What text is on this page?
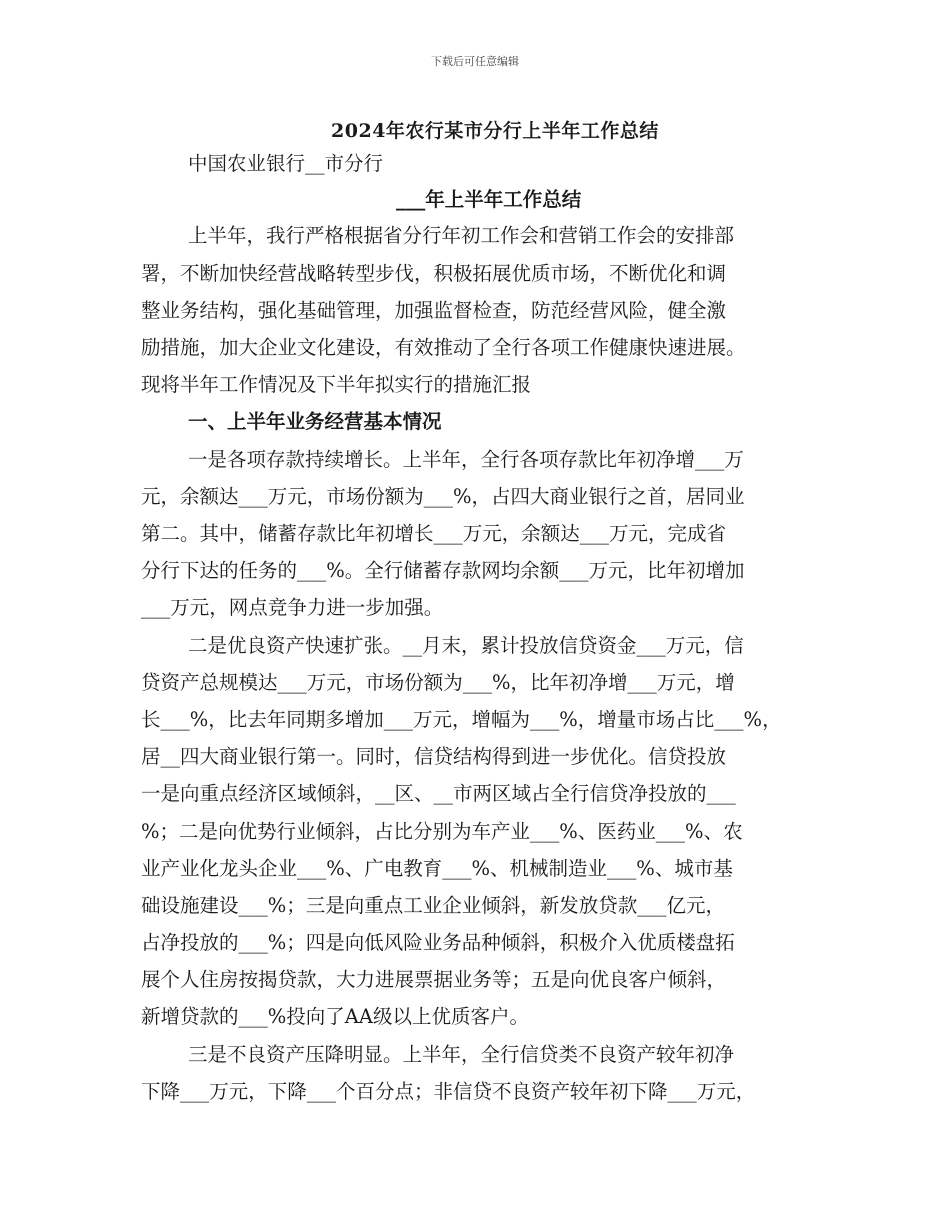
下载后可任意编辑
2024年农行某市分行上半年工作总结
中国农业银行__市分行
___年上半年工作总结
上半年，我行严格根据省分行年初工作会和营销工作会的安排部
署，不断加快经营战略转型步伐，积极拓展优质市场，不断优化和调
整业务结构，强化基础管理，加强监督检查，防范经营风险，健全激
励措施，加大企业文化建设，有效推动了全行各项工作健康快速进展。
现将半年工作情况及下半年拟实行的措施汇报
一、上半年业务经营基本情况
一是各项存款持续增长。上半年，全行各项存款比年初净增___万
元，余额达___万元，市场份额为___%，占四大商业银行之首，居同业
第二。其中，储蓄存款比年初增长___万元，余额达___万元，完成省
分行下达的任务的___%。全行储蓄存款网均余额___万元，比年初增加
___万元，网点竞争力进一步加强。
二是优良资产快速扩张。__月末，累计投放信贷资金___万元，信
贷资产总规模达___万元，市场份额为___%，比年初净增___万元，增
长___%，比去年同期多增加___万元，增幅为___%，增量市场占比___%，
居__四大商业银行第一。同时，信贷结构得到进一步优化。信贷投放
一是向重点经济区域倾斜，__区、__市两区域占全行信贷净投放的___
%；二是向优势行业倾斜，占比分别为车产业___%、医药业___%、农
业产业化龙头企业___%、广电教育___%、机械制造业___%、城市基
础设施建设___%；三是向重点工业企业倾斜，新发放贷款___亿元，
占净投放的___%；四是向低风险业务品种倾斜，积极介入优质楼盘拓
展个人住房按揭贷款，大力进展票据业务等；五是向优良客户倾斜，
新增贷款的___%投向了AA级以上优质客户。
三是不良资产压降明显。上半年，全行信贷类不良资产较年初净
下降___万元，下降___个百分点；非信贷不良资产较年初下降___万元，
